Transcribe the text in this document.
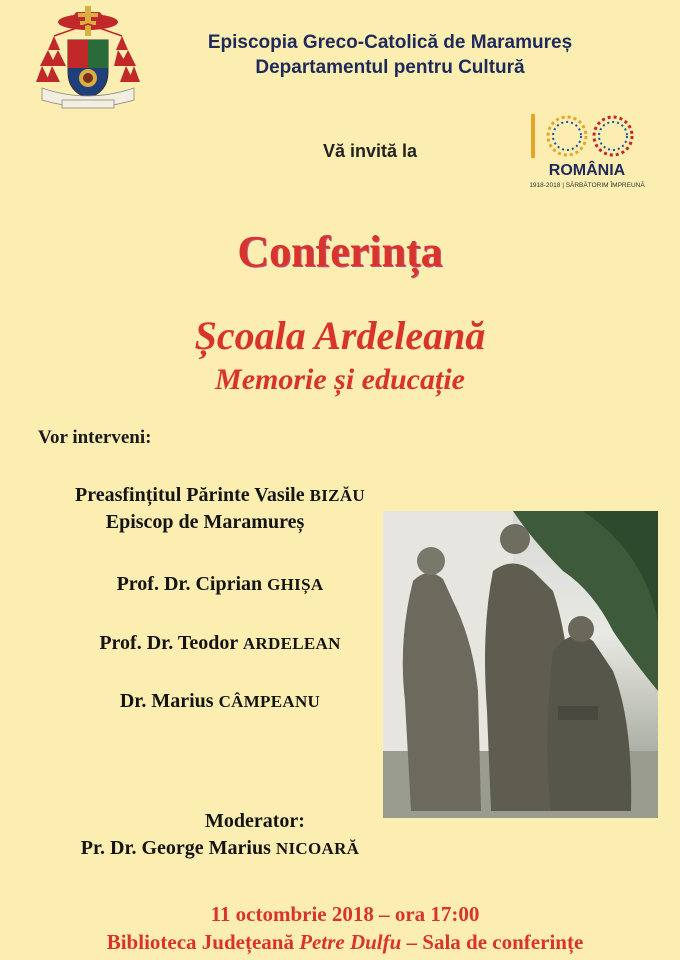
Episcopia Greco-Catolică de Maramureș
Departamentul pentru Cultură
ROMÂNIA
1918-2018 | SĂRBĂTORIM ÎMPREUNĂ
Vă invită la
Conferința
Școala Ardeleană
Memorie și educație
Vor interveni:
Preasfințitul Părinte Vasile BIZĂU
Episcop de Maramureș
Prof. Dr. Ciprian GHIȘA
Prof. Dr. Teodor ARDELEAN
Dr. Marius CÂMPEANU
Moderator:
Pr. Dr. George Marius NICOARĂ
11 octombrie 2018 – ora 17:00
Biblioteca Județeană Petre Dulfu – Sala de conferințe
